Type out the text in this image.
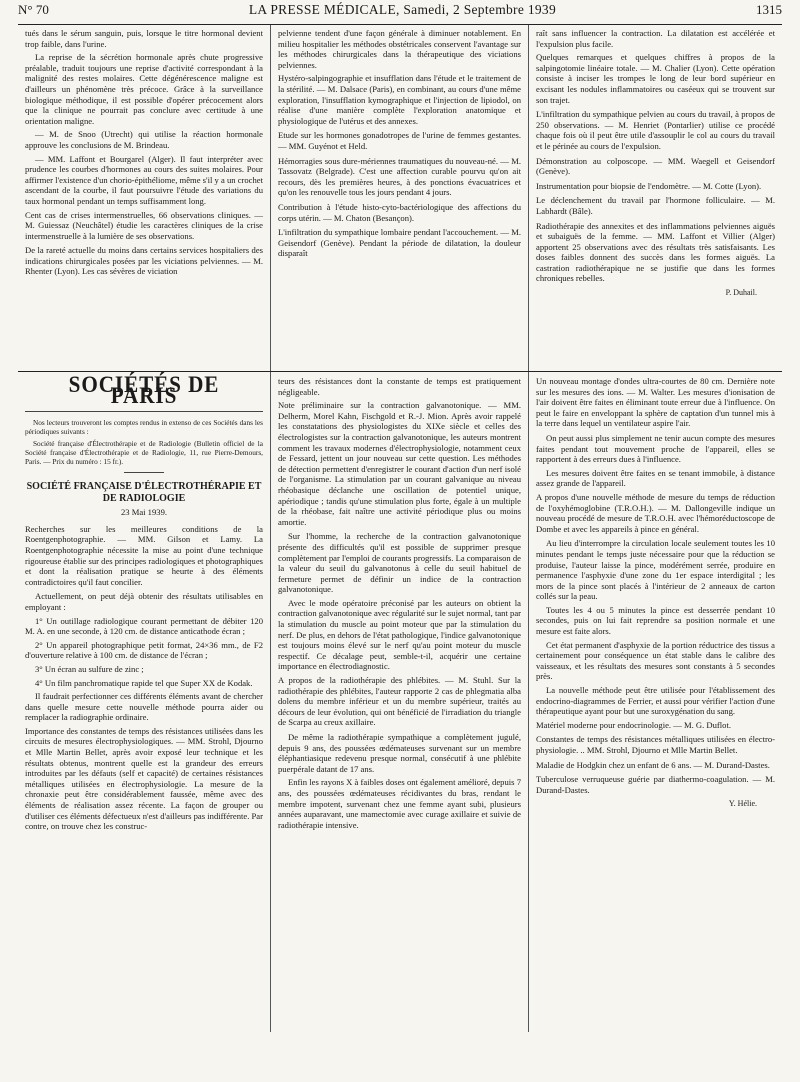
N° 70	LA PRESSE MÉDICALE, Samedi, 2 Septembre 1939	1315

tués dans le sérum sanguin, puis, lorsque le titre hormonal devient trop faible, dans l'urine.

La reprise de la sécrétion hormonale après chute progressive préalable, traduit toujours une reprise d'activité correspondant à la malignité des restes molaires. Cette dégénérescence maligne est d'ailleurs un phénomène très précoce. Grâce à la surveillance biologique méthodique, il est possible d'opérer précocement alors que la clinique ne pourrait pas conclure avec certitude à une orientation maligne.

— M. de Snoo (Utrecht) qui utilise la réaction hormonale approuve les conclusions de M. Brindeau.

— MM. Laffont et Bourgarel (Alger). Il faut interpréter avec prudence les courbes d'hormones au cours des suites molaires. Pour affirmer l'existence d'un chorio-épithéliome, même s'il y a un crochet ascendant de la courbe, il faut poursuivre l'étude des variations du taux hormonal pendant un temps suffisamment long.

Cent cas de crises intermenstruelles, 66 observations cliniques. — M. Guiessaz (Neuchâtel) étudie les caractères cliniques de la crise intermenstruelle à la lumière de ses observations.

De la rareté actuelle du moins dans certains services hospitaliers des indications chirurgicales posées par les viciations pelviennes. — M. Rhenter (Lyon). Les cas sévères de viciation

pelvienne tendent d'une façon générale à diminuer notablement. En milieu hospitalier les méthodes obstétricales conservent l'avantage sur les méthodes chirurgicales dans la thérapeutique des viciations pelviennes.

Hystéro-salpingographie et insufflation dans l'étude et le traitement de la stérilité. — M. Dalsace (Paris), en combinant, au cours d'une même exploration, l'insufflation kymographique et l'injection de lipiodol, on réalise d'une manière complète l'exploration anatomique et physiologique de l'utérus et des annexes.

Etude sur les hormones gonadotropes de l'urine de femmes gestantes. — MM. Guyénot et Held.

Hémorragies sous dure-mériennes traumatiques du nouveau-né. — M. Tassovatz (Belgrade). C'est une affection curable pourvu qu'on ait recours, dès les premières heures, à des ponctions évacuatrices et qu'on les renouvelle tous les jours pendant 4 jours.

Contribution à l'étude histo-cyto-bactériologique des affections du corps utérin. — M. Chaton (Besançon).

L'infiltration du sympathique lombaire pendant l'accouchement. — M. Geisendorf (Genève). Pendant la période de dilatation, la douleur disparaît

raît sans influencer la contraction. La dilatation est accélérée et l'expulsion plus facile.

Quelques remarques et quelques chiffres à propos de la salpingotomie linéaire totale. — M. Chalier (Lyon). Cette opération consiste à inciser les trompes le long de leur bord supérieur en excisant les nodules inflammatoires ou caséeux qui se trouvent sur son trajet.

L'infiltration du sympathique pelvien au cours du travail, à propos de 250 observations. — M. Henriet (Pontarlier) utilise ce procédé chaque fois où il peut être utile d'assouplir le col au cours du travail et le périnée au cours de l'expulsion.

Démonstration au colposcope. — MM. Waegell et Geisendorf (Genève).

Instrumentation pour biopsie de l'endomètre. — M. Cotte (Lyon).

Le déclenchement du travail par l'hormone folliculaire. — M. Labhardt (Bâle).

Radiothérapie des annexites et des inflammations pelviennes aiguës et subaiguës de la femme. — MM. Laffont et Villier (Alger) apportent 25 observations avec des résultats très satisfaisants. Les doses faibles donnent des succès dans les formes aiguës. La castration radiothérapique ne se justifie que dans les formes chroniques rebelles.

P. Duhail.
SOCIÉTÉS DE PARIS

Nos lecteurs trouveront les comptes rendus in extenso de ces Sociétés dans les périodiques suivants :

Société française d'Électrothérapie et de Radiologie (Bulletin officiel de la Société française d'Électrothérapie et de Radiologie, 11, rue Pierre-Demours, Paris. — Prix du numéro : 15 fr.).

SOCIÉTÉ FRANÇAISE D'ÉLECTROTHÉRAPIE ET DE RADIOLOGIE
23 Mai 1939.

Recherches sur les meilleures conditions de la Roentgenphotographie. — MM. Gilson et Lamy. La Roentgenphotographie nécessite la mise au point d'une technique rigoureuse établie sur des principes radiologiques et photographiques et dont la réalisation pratique se heurte à des éléments contradictoires qu'il faut concilier.

Actuellement, on peut déjà obtenir des résultats utilisables en employant :

1° Un outillage radiologique courant permettant de débiter 120 M. A. en une seconde, à 120 cm. de distance anticathode écran ;

2° Un appareil photographique petit format, 24×36 mm., de F2 d'ouverture relative à 100 cm. de distance de l'écran ;

3° Un écran au sulfure de zinc ;

4° Un film panchromatique rapide tel que Super XX de Kodak.

Il faudrait perfectionner ces différents éléments avant de chercher dans quelle mesure cette nouvelle méthode pourra aider ou remplacer la radiographie ordinaire.

Importance des constantes de temps des résistances utilisées dans les circuits de mesures électrophysiologiques. — MM. Strohl, Djourno et Mlle Martin Bellet, après avoir exposé leur technique et les résultats obtenus, montrent quelle est la grandeur des erreurs introduites par les défauts (self et capacité) de certaines résistances métalliques utilisées en électrophysiologie. La mesure de la chronaxie peut être considérablement faussée, même avec des éléments de réalisation assez récente. La façon de grouper ou d'utiliser ces éléments défectueux n'est d'ailleurs pas indifférente. Par contre, on trouve chez les construc-

teurs des résistances dont la constante de temps est pratiquement négligeable.

Note préliminaire sur la contraction galvanotonique. — MM. Delherm, Morel Kahn, Fischgold et R.-J. Mion. Après avoir rappelé les constatations des physiologistes du XIXe siècle et celles des électrologistes sur la contraction galvanotonique, les auteurs montrent comment les travaux modernes d'électrophysiologie, notamment ceux de Fessard, jettent un jour nouveau sur cette question. Les méthodes de détection permettent d'enregistrer le courant d'action d'un nerf isolé de l'organisme. La stimulation par un courant galvanique au niveau rhéobasique déclanche une oscillation de potentiel unique, apériodique ; tandis qu'une stimulation plus forte, égale à un multiple de la rhéobase, fait naître une activité périodique plus ou moins amortie.

Sur l'homme, la recherche de la contraction galvanotonique présente des difficultés qu'il est possible de supprimer presque complètement par l'emploi de courants progressifs. La comparaison de la valeur du seuil du galvanotonus à celle du seuil habituel de fermeture permet de définir un indice de la contraction galvanotonique.

Avec le mode opératoire préconisé par les auteurs on obtient la contraction galvanotonique avec régularité sur le sujet normal, tant par la stimulation du muscle au point moteur que par la stimulation du nerf. De plus, en dehors de l'état pathologique, l'indice galvanotonique est toujours moins élevé sur le nerf qu'au point moteur du muscle respectif. Ce décalage peut, semble-t-il, acquérir une certaine importance en électrodiagnostic.

A propos de la radiothérapie des phlébites. — M. Stuhl. Sur la radiothérapie des phlébites, l'auteur rapporte 2 cas de phlegmatia alba dolens du membre inférieur et un du membre supérieur, traités au décours de leur évolution, qui ont bénéficié de l'irradiation du triangle de Scarpa au creux axillaire.

De même la radiothérapie sympathique a complètement jugulé, depuis 9 ans, des poussées œdémateuses survenant sur un membre éléphantiasique redevenu presque normal, consécutif à une phlébite puerpérale datant de 17 ans.

Enfin les rayons X à faibles doses ont également amélioré, depuis 7 ans, des poussées œdémateuses récidivantes du bras, rendant le membre impotent, survenant chez une femme ayant subi, plusieurs années auparavant, une mamectomie avec curage axillaire et suivie de radiothérapie intensive.

Un nouveau montage d'ondes ultra-courtes de 80 cm. Dernière note sur les mesures des ions. — M. Walter. Les mesures d'ionisation de l'air doivent être faites en éliminant toute erreur due à l'influence. On peut le faire en enveloppant la sphère de captation d'un tunnel mis à la terre dans lequel un ventilateur aspire l'air.

On peut aussi plus simplement ne tenir aucun compte des mesures faites pendant tout mouvement proche de l'appareil, elles se rapportent à des erreurs dues à l'influence.

Les mesures doivent être faites en se tenant immobile, à distance assez grande de l'appareil.

A propos d'une nouvelle méthode de mesure du temps de réduction de l'oxyhémoglobine (T.R.O.H.). — M. Dallongeville indique un nouveau procédé de mesure de T.R.O.H. avec l'hémoréductoscope de Dombe et avec les appareils à pince en général.

Au lieu d'interrompre la circulation locale seulement toutes les 10 minutes pendant le temps juste nécessaire pour que la réduction se produise, l'auteur laisse la pince, modérément serrée, produire en permanence l'asphyxie d'une zone du 1er espace interdigital ; les mors de la pince sont placés à l'intérieur de 2 anneaux de carton collés sur la peau.

Toutes les 4 ou 5 minutes la pince est desserrée pendant 10 secondes, puis on lui fait reprendre sa position normale et une mesure est faite alors.

Cet état permanent d'asphyxie de la portion réductrice des tissus a certainement pour conséquence un état stable dans le calibre des vaisseaux, et les résultats des mesures sont constants à 5 secondes près.

La nouvelle méthode peut être utilisée pour l'établissement des endocrino-diagrammes de Ferrier, et aussi pour vérifier l'action d'une thérapeutique ayant pour but une suroxygénation du sang.

Matériel moderne pour endocrinologie. — M. G. Duflot.

Constantes de temps des résistances métalliques utilisées en électro-physiologie. .. MM. Strohl, Djourno et Mlle Martin Bellet.

Maladie de Hodgkin chez un enfant de 6 ans. — M. Durand-Dastes.

Tuberculose verruqueuse guérie par diathermo-coagulation. — M. Durand-Dastes.

Y. Hélie.
